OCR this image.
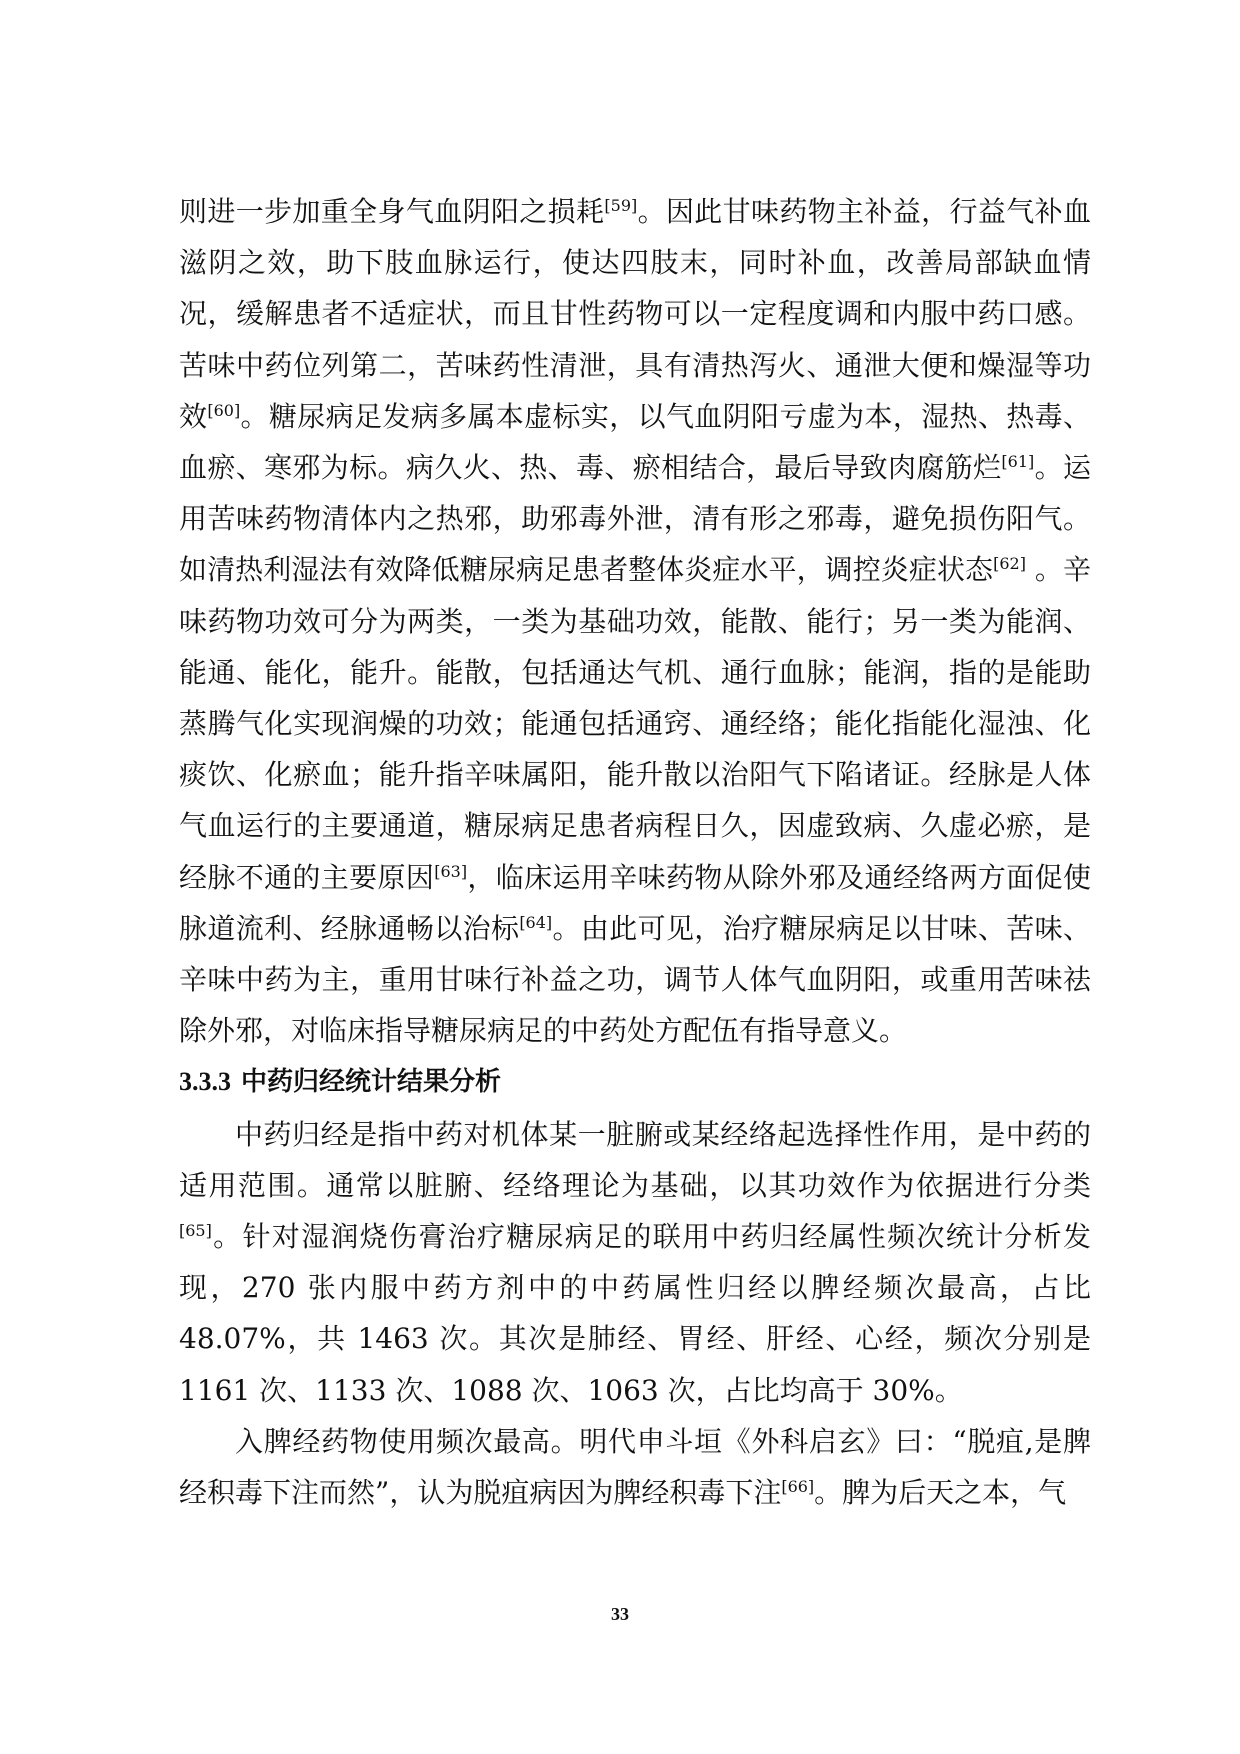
则进一步加重全身气血阴阳之损耗[59]。因此甘味药物主补益，行益气补血滋阴之效，助下肢血脉运行，使达四肢末，同时补血，改善局部缺血情况，缓解患者不适症状，而且甘性药物可以一定程度调和内服中药口感。苦味中药位列第二，苦味药性清泄，具有清热泻火、通泄大便和燥湿等功效[60]。糖尿病足发病多属本虚标实，以气血阴阳亏虚为本，湿热、热毒、血瘀、寒邪为标。病久火、热、毒、瘀相结合，最后导致肉腐筋烂[61]。运用苦味药物清体内之热邪，助邪毒外泄，清有形之邪毒，避免损伤阳气。如清热利湿法有效降低糖尿病足患者整体炎症水平，调控炎症状态[62] 。辛味药物功效可分为两类，一类为基础功效，能散、能行；另一类为能润、能通、能化，能升。能散，包括通达气机、通行血脉；能润，指的是能助蒸腾气化实现润燥的功效；能通包括通窍、通经络；能化指能化湿浊、化痰饮、化瘀血；能升指辛味属阳，能升散以治阳气下陷诸证。经脉是人体气血运行的主要通道，糖尿病足患者病程日久，因虚致病、久虚必瘀，是经脉不通的主要原因[63]，临床运用辛味药物从除外邪及通经络两方面促使脉道流利、经脉通畅以治标[64]。由此可见，治疗糖尿病足以甘味、苦味、辛味中药为主，重用甘味行补益之功，调节人体气血阴阳，或重用苦味祛除外邪，对临床指导糖尿病足的中药处方配伍有指导意义。

3.3.3 中药归经统计结果分析

中药归经是指中药对机体某一脏腑或某经络起选择性作用，是中药的适用范围。通常以脏腑、经络理论为基础，以其功效作为依据进行分类[65]。针对湿润烧伤膏治疗糖尿病足的联用中药归经属性频次统计分析发现，270 张内服中药方剂中的中药属性归经以脾经频次最高，占比 48.07%，共 1463 次。其次是肺经、胃经、肝经、心经，频次分别是 1161 次、1133 次、1088 次、1063 次，占比均高于 30%。

入脾经药物使用频次最高。明代申斗垣《外科启玄》曰：“脱疽,是脾经积毒下注而然”，认为脱疽病因为脾经积毒下注[66]。脾为后天之本，气

33
